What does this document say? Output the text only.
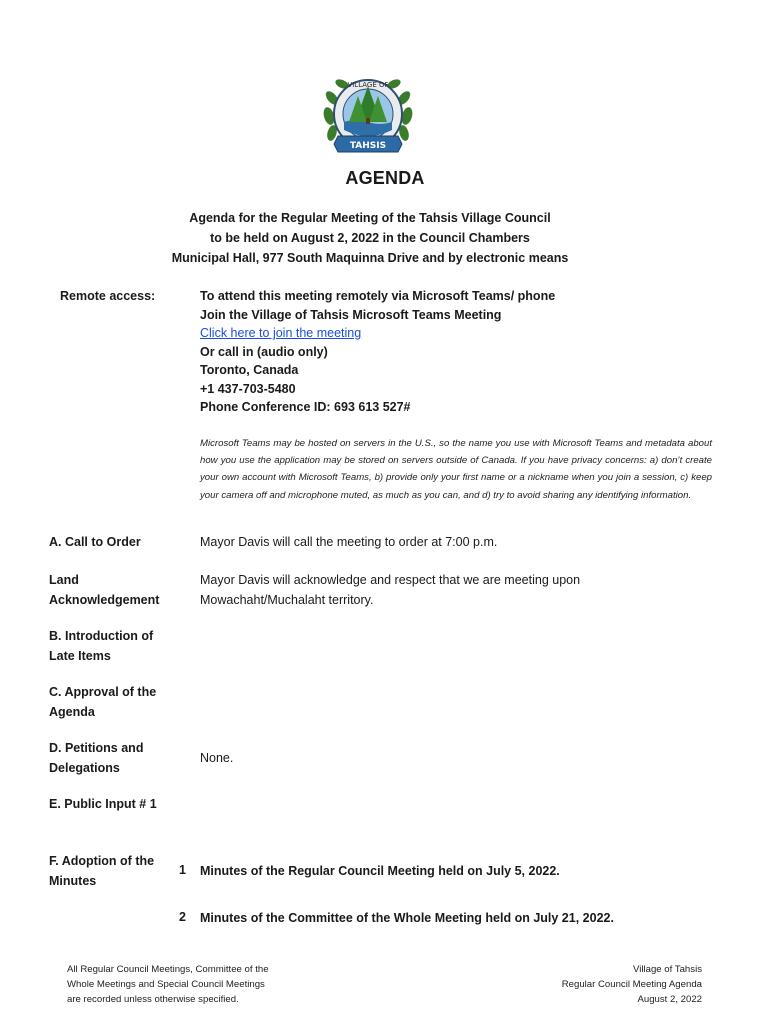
VILLAGE OF
TAHSIS
AGENDA
Agenda for the Regular Meeting of the Tahsis Village Council
to be held on August 2, 2022 in the Council Chambers
Municipal Hall, 977 South Maquinna Drive and by electronic means
Remote access:	To attend this meeting remotely via Microsoft Teams/ phone
Join the Village of Tahsis Microsoft Teams Meeting
Click here to join the meeting
Or call in (audio only)
Toronto, Canada
+1 437-703-5480
Phone Conference ID: 693 613 527#
Microsoft Teams may be hosted on servers in the U.S., so the name you use with Microsoft Teams and metadata about how you use the application may be stored on servers outside of Canada. If you have privacy concerns: a) don’t create your own account with Microsoft Teams, b) provide only your first name or a nickname when you join a session, c) keep your camera off and microphone muted, as much as you can, and d) try to avoid sharing any identifying information.
A. Call to Order	Mayor Davis will call the meeting to order at 7:00 p.m.
Land
Acknowledgement
Mayor Davis will acknowledge and respect that we are meeting upon
Mowachaht/Muchalaht territory.
B. Introduction of
Late Items
C. Approval of the
Agenda
D. Petitions and
Delegations
None.
E. Public Input # 1
F. Adoption of the
Minutes
1 Minutes of the Regular Council Meeting held on July 5, 2022.
2 Minutes of the Committee of the Whole Meeting held on July 21, 2022.
All Regular Council Meetings, Committee of the
Whole Meetings and Special Council Meetings
are recorded unless otherwise specified.
Village of Tahsis
Regular Council Meeting Agenda
August 2, 2022
